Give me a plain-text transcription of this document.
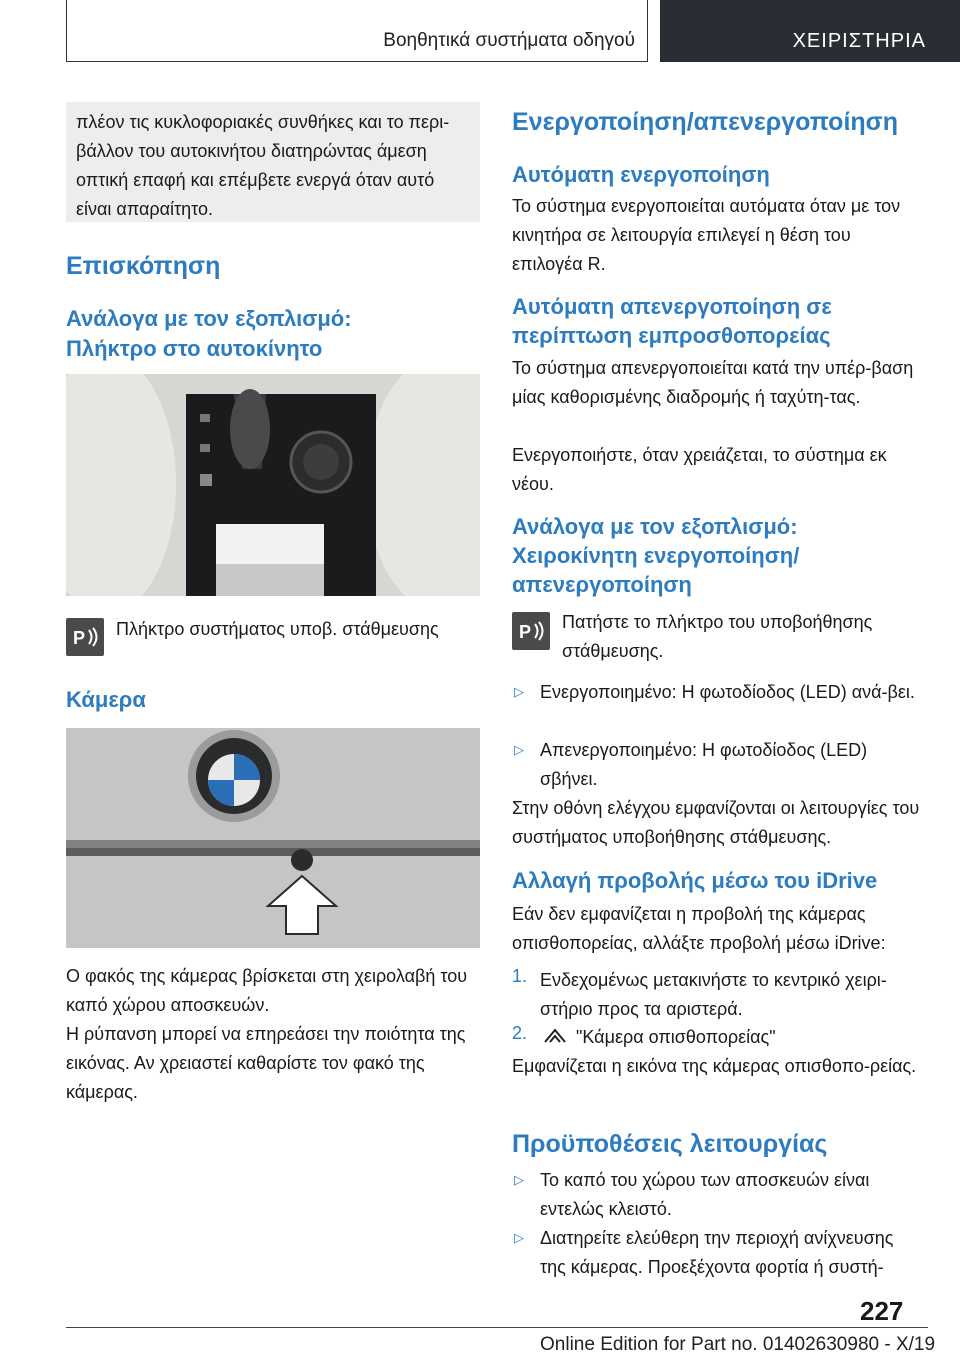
Βοηθητικά συστήματα οδηγού	ΧΕΙΡΙΣΤΗΡΙΑ
πλέον τις κυκλοφοριακές συνθήκες και το περι-βάλλον του αυτοκινήτου διατηρώντας άμεση οπτική επαφή και επέμβετε ενεργά όταν αυτό είναι απαραίτητο.
Επισκόπηση
Ανάλογα με τον εξοπλισμό:
Πλήκτρο στο αυτοκίνητο
P Πλήκτρο συστήματος υποβ. στάθμευσης
Κάμερα
Ο φακός της κάμερας βρίσκεται στη χειρολαβή του καπό χώρου αποσκευών.
Η ρύπανση μπορεί να επηρεάσει την ποιότητα της εικόνας. Αν χρειαστεί καθαρίστε τον φακό της κάμερας.
Ενεργοποίηση/απενεργοποίηση
Αυτόματη ενεργοποίηση
Το σύστημα ενεργοποιείται αυτόματα όταν με τον κινητήρα σε λειτουργία επιλεγεί η θέση του επιλογέα R.
Αυτόματη απενεργοποίηση σε
περίπτωση εμπροσθοπορείας
Το σύστημα απενεργοποιείται κατά την υπέρ-βαση μίας καθορισμένης διαδρομής ή ταχύτη-τας.
Ενεργοποιήστε, όταν χρειάζεται, το σύστημα εκ νέου.
Ανάλογα με τον εξοπλισμό:
Χειροκίνητη ενεργοποίηση/
απενεργοποίηση
P Πατήστε το πλήκτρο του υποβοήθησης στάθμευσης.
▷ Ενεργοποιημένο: Η φωτοδίοδος (LED) ανά-βει.
▷ Απενεργοποιημένο: Η φωτοδίοδος (LED) σβήνει.
Στην οθόνη ελέγχου εμφανίζονται οι λειτουργίες του συστήματος υποβοήθησης στάθμευσης.
Αλλαγή προβολής μέσω του iDrive
Εάν δεν εμφανίζεται η προβολή της κάμερας οπισθοπορείας, αλλάξτε προβολή μέσω iDrive:
1. Ενδεχομένως μετακινήστε το κεντρικό χειρι-στήριο προς τα αριστερά.
2.	"Κάμερα οπισθοπορείας"
Εμφανίζεται η εικόνα της κάμερας οπισθοπο-ρείας.
Προϋποθέσεις λειτουργίας
▷ Το καπό του χώρου των αποσκευών είναι εντελώς κλειστό.
▷ Διατηρείτε ελεύθερη την περιοχή ανίχνευσης της κάμερας. Προεξέχοντα φορτία ή συστή-
227
Online Edition for Part no. 01402630980 - X/19
